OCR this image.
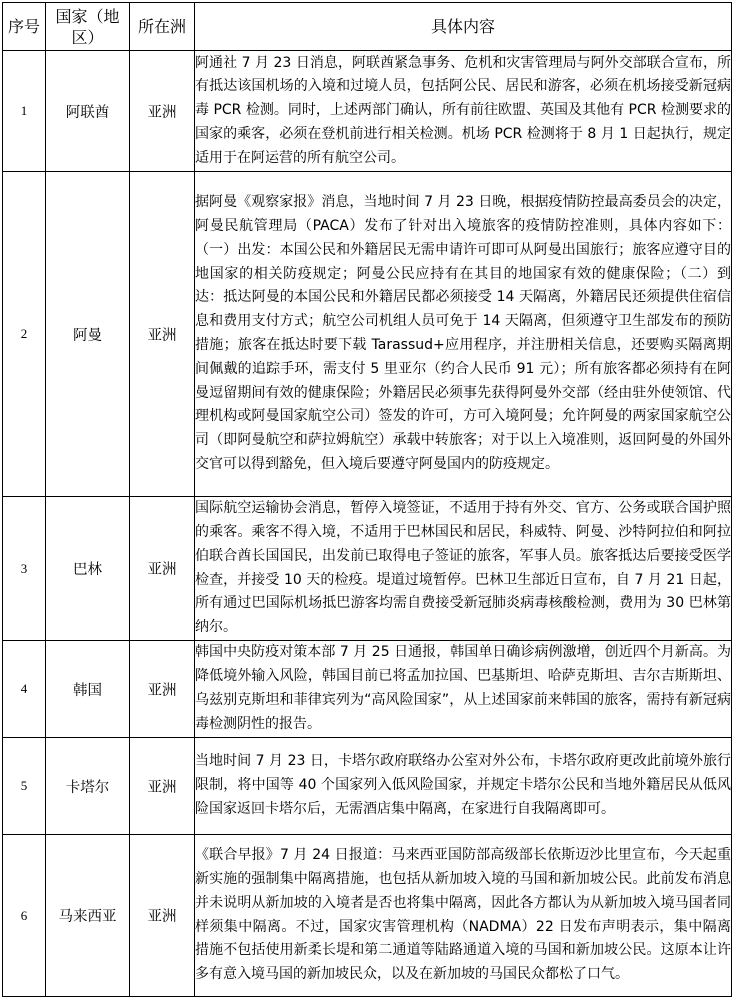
序号	国家（地区）	所在洲	具体内容
1	阿联酋	亚洲	阿通社 7 月 23 日消息，阿联酋紧急事务、危机和灾害管理局与阿外交部联合宣布，所有抵达该国机场的入境和过境人员，包括阿公民、居民和游客，必须在机场接受新冠病毒 PCR 检测。同时，上述两部门确认，所有前往欧盟、英国及其他有 PCR 检测要求的国家的乘客，必须在登机前进行相关检测。机场 PCR 检测将于 8 月 1 日起执行，规定适用于在阿运营的所有航空公司。
2	阿曼	亚洲	据阿曼《观察家报》消息，当地时间 7 月 23 日晚，根据疫情防控最高委员会的决定，阿曼民航管理局（PACA）发布了针对出入境旅客的疫情防控准则，具体内容如下：（一）出发：本国公民和外籍居民无需申请许可即可从阿曼出国旅行；旅客应遵守目的地国家的相关防疫规定；阿曼公民应持有在其目的地国家有效的健康保险；（二）到达：抵达阿曼的本国公民和外籍居民都必须接受 14 天隔离，外籍居民还须提供住宿信息和费用支付方式；航空公司机组人员可免于 14 天隔离，但须遵守卫生部发布的预防措施；旅客在抵达时要下载 Tarassud+应用程序，并注册相关信息，还要购买隔离期间佩戴的追踪手环，需支付 5 里亚尔（约合人民币 91 元）；所有旅客都必须持有在阿曼逗留期间有效的健康保险；外籍居民必须事先获得阿曼外交部（经由驻外使领馆、代理机构或阿曼国家航空公司）签发的许可，方可入境阿曼；允许阿曼的两家国家航空公司（即阿曼航空和萨拉姆航空）承载中转旅客；对于以上入境准则，返回阿曼的外国外交官可以得到豁免，但入境后要遵守阿曼国内的防疫规定。
3	巴林	亚洲	国际航空运输协会消息，暂停入境签证，不适用于持有外交、官方、公务或联合国护照的乘客。乘客不得入境，不适用于巴林国民和居民，科威特、阿曼、沙特阿拉伯和阿拉伯联合酋长国国民，出发前已取得电子签证的旅客，军事人员。旅客抵达后要接受医学检查，并接受 10 天的检疫。堤道过境暂停。巴林卫生部近日宣布，自 7 月 21 日起，所有通过巴国际机场抵巴游客均需自费接受新冠肺炎病毒核酸检测，费用为 30 巴林第纳尔。
4	韩国	亚洲	韩国中央防疫对策本部 7 月 25 日通报，韩国单日确诊病例激增，创近四个月新高。为降低境外输入风险，韩国目前已将孟加拉国、巴基斯坦、哈萨克斯坦、吉尔吉斯斯坦、乌兹别克斯坦和菲律宾列为“高风险国家”，从上述国家前来韩国的旅客，需持有新冠病毒检测阴性的报告。
5	卡塔尔	亚洲	当地时间 7 月 23 日，卡塔尔政府联络办公室对外公布，卡塔尔政府更改此前境外旅行限制，将中国等 40 个国家列入低风险国家，并规定卡塔尔公民和当地外籍居民从低风险国家返回卡塔尔后，无需酒店集中隔离，在家进行自我隔离即可。
6	马来西亚	亚洲	《联合早报》7 月 24 日报道：马来西亚国防部高级部长依斯迈沙比里宣布，今天起重新实施的强制集中隔离措施，也包括从新加坡入境的马国和新加坡公民。此前发布消息并未说明从新加坡的入境者是否也将集中隔离，因此各方都认为从新加坡入境马国者同样须集中隔离。不过，国家灾害管理机构（NADMA）22 日发布声明表示，集中隔离措施不包括使用新柔长堤和第二通道等陆路通道入境的马国和新加坡公民。这原本让许多有意入境马国的新加坡民众，以及在新加坡的马国民众都松了口气。
